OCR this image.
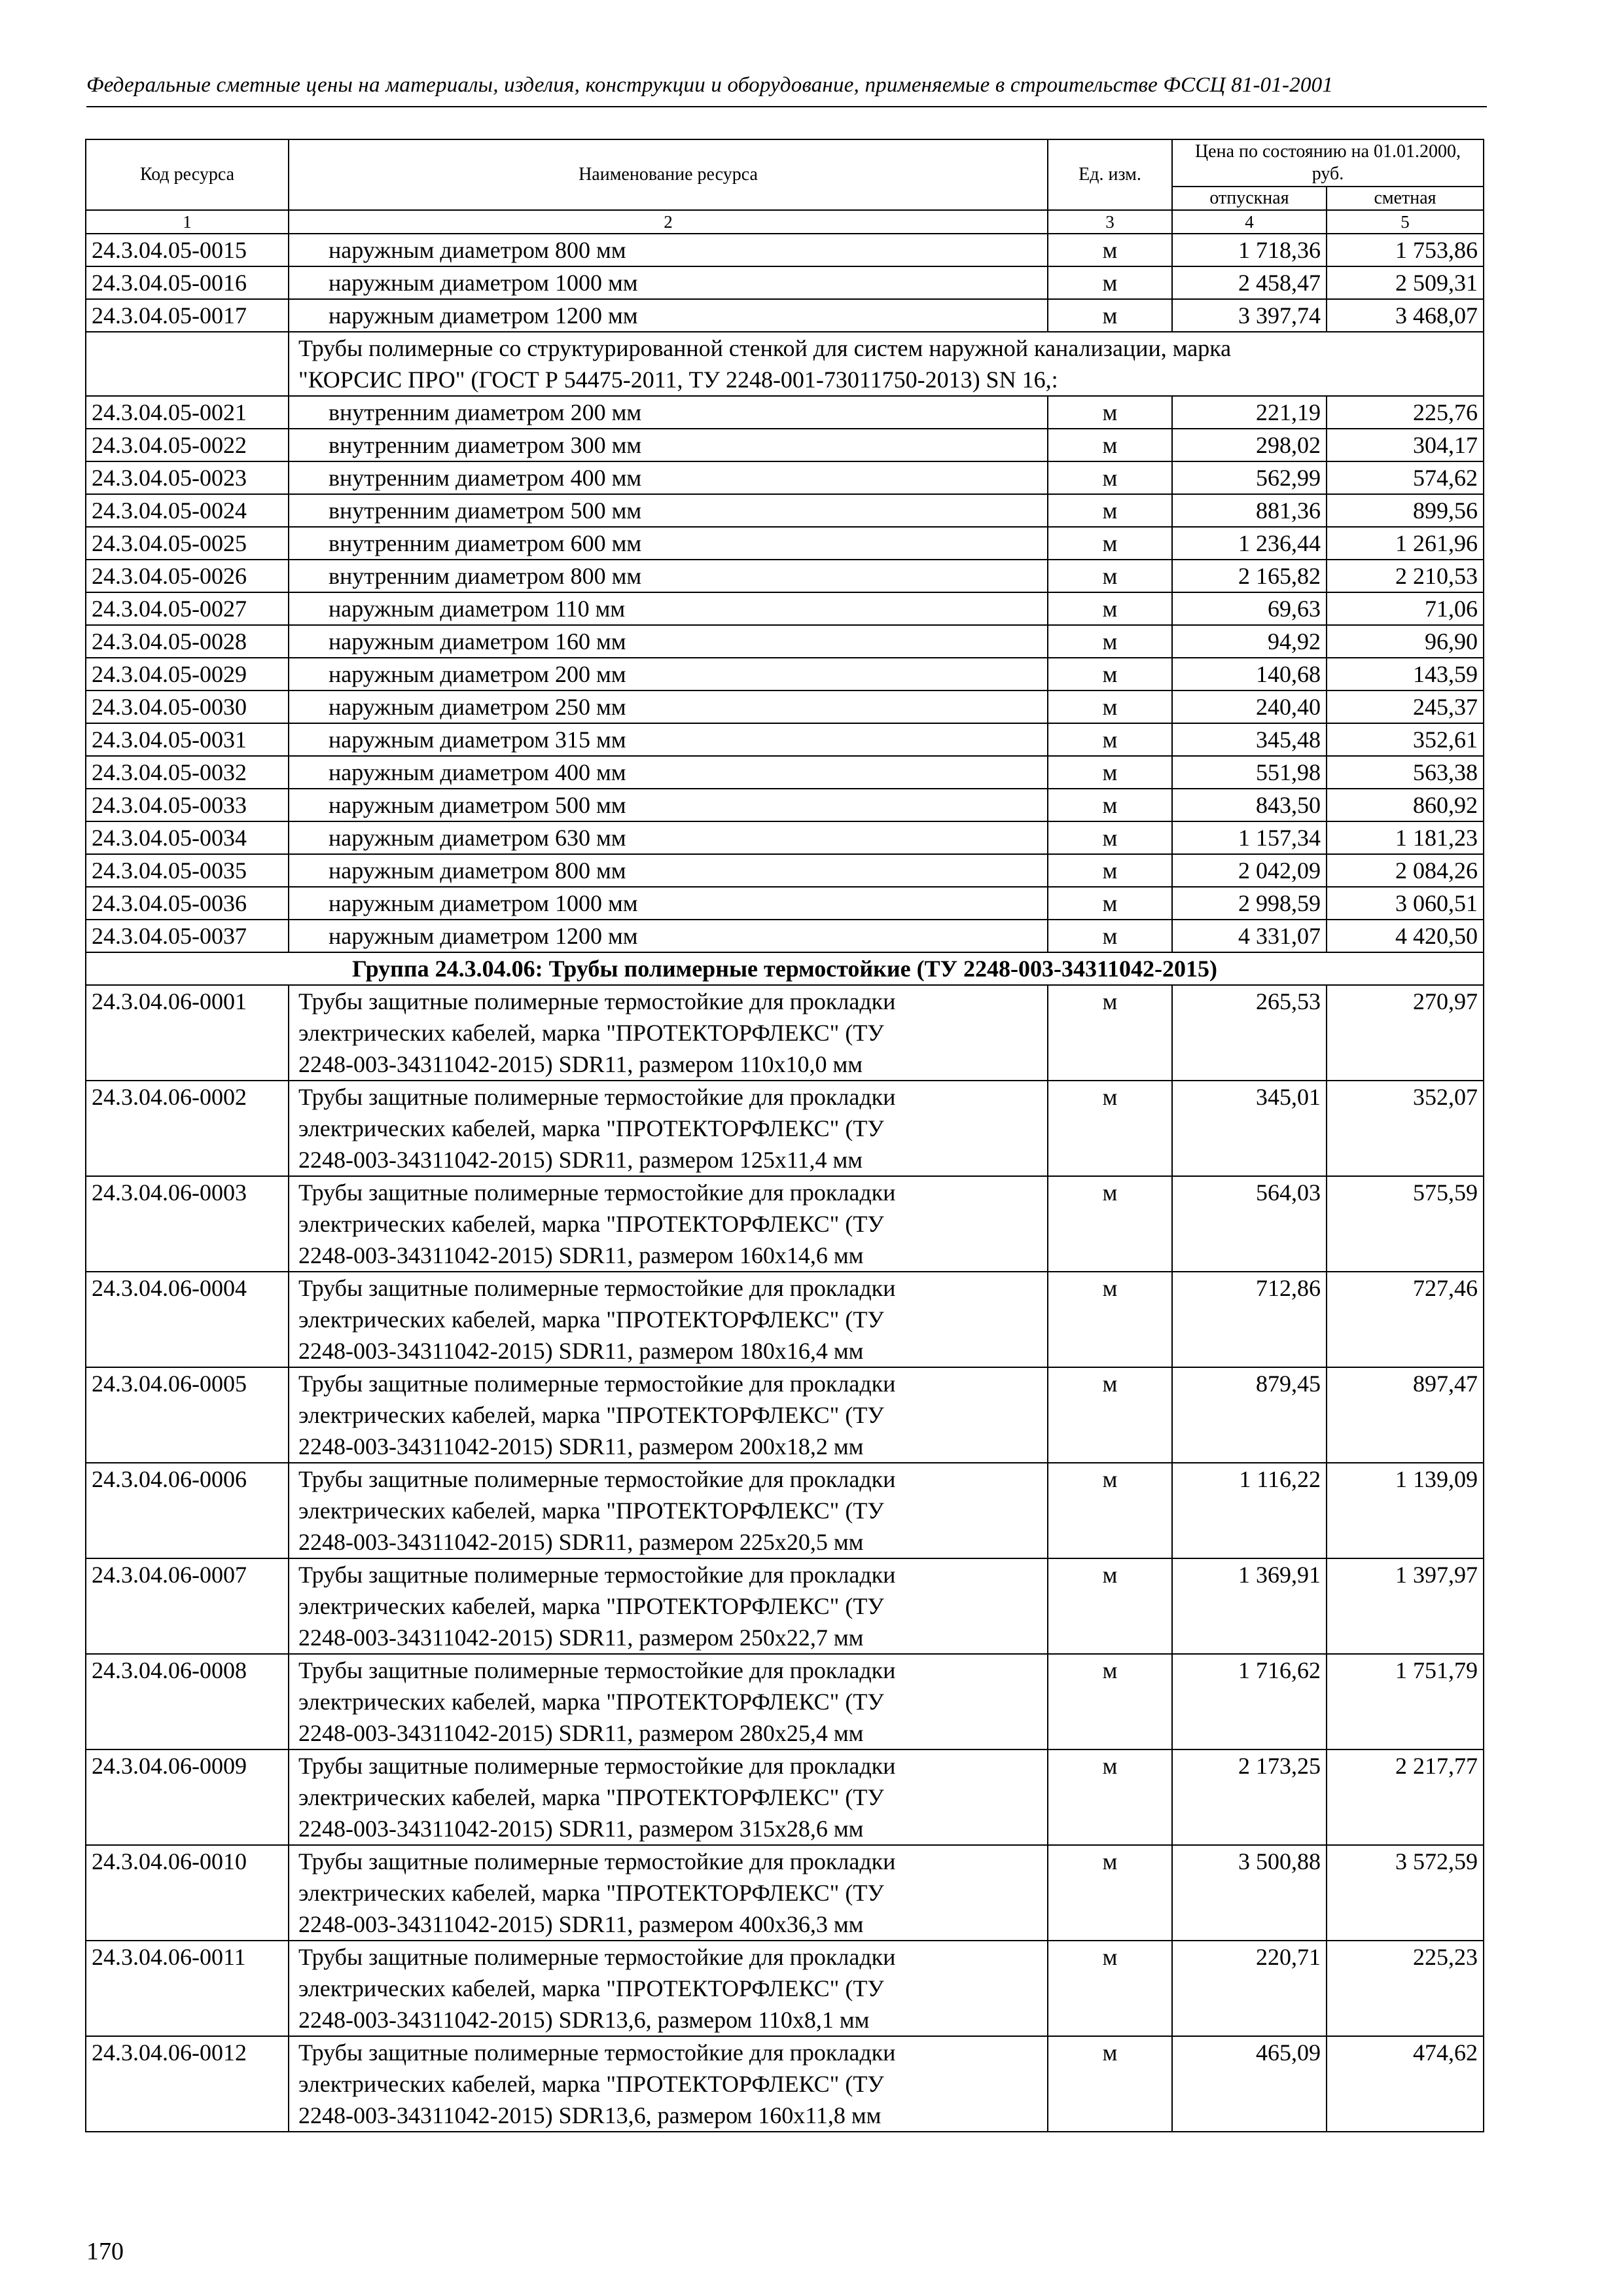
Федеральные сметные цены на материалы, изделия, конструкции и оборудование, применяемые в строительстве ФССЦ 81-01-2001
Код ресурса	Наименование ресурса	Ед. изм.	Цена по состоянию на 01.01.2000, руб.	
			отпускная	сметная
1	2	3	4	5
24.3.04.05-0015	наружным диаметром 800 мм	м	1 718,36	1 753,86
24.3.04.05-0016	наружным диаметром 1000 мм	м	2 458,47	2 509,31
24.3.04.05-0017	наружным диаметром 1200 мм	м	3 397,74	3 468,07
	Трубы полимерные со структурированной стенкой для систем наружной канализации, марка
"КОРСИС ПРО" (ГОСТ Р 54475-2011, ТУ 2248-001-73011750-2013) SN 16,:			
24.3.04.05-0021	внутренним диаметром 200 мм	м	221,19	225,76
24.3.04.05-0022	внутренним диаметром 300 мм	м	298,02	304,17
24.3.04.05-0023	внутренним диаметром 400 мм	м	562,99	574,62
24.3.04.05-0024	внутренним диаметром 500 мм	м	881,36	899,56
24.3.04.05-0025	внутренним диаметром 600 мм	м	1 236,44	1 261,96
24.3.04.05-0026	внутренним диаметром 800 мм	м	2 165,82	2 210,53
24.3.04.05-0027	наружным диаметром 110 мм	м	69,63	71,06
24.3.04.05-0028	наружным диаметром 160 мм	м	94,92	96,90
24.3.04.05-0029	наружным диаметром 200 мм	м	140,68	143,59
24.3.04.05-0030	наружным диаметром 250 мм	м	240,40	245,37
24.3.04.05-0031	наружным диаметром 315 мм	м	345,48	352,61
24.3.04.05-0032	наружным диаметром 400 мм	м	551,98	563,38
24.3.04.05-0033	наружным диаметром 500 мм	м	843,50	860,92
24.3.04.05-0034	наружным диаметром 630 мм	м	1 157,34	1 181,23
24.3.04.05-0035	наружным диаметром 800 мм	м	2 042,09	2 084,26
24.3.04.05-0036	наружным диаметром 1000 мм	м	2 998,59	3 060,51
24.3.04.05-0037	наружным диаметром 1200 мм	м	4 331,07	4 420,50
Группа 24.3.04.06: Трубы полимерные термостойкие (ТУ 2248-003-34311042-2015)				
24.3.04.06-0001	Трубы защитные полимерные термостойкие для прокладки
электрических кабелей, марка "ПРОТЕКТОРФЛЕКС" (ТУ
2248-003-34311042-2015) SDR11, размером 110х10,0 мм	м	265,53	270,97
24.3.04.06-0002	Трубы защитные полимерные термостойкие для прокладки
электрических кабелей, марка "ПРОТЕКТОРФЛЕКС" (ТУ
2248-003-34311042-2015) SDR11, размером 125х11,4 мм	м	345,01	352,07
24.3.04.06-0003	Трубы защитные полимерные термостойкие для прокладки
электрических кабелей, марка "ПРОТЕКТОРФЛЕКС" (ТУ
2248-003-34311042-2015) SDR11, размером 160х14,6 мм	м	564,03	575,59
24.3.04.06-0004	Трубы защитные полимерные термостойкие для прокладки
электрических кабелей, марка "ПРОТЕКТОРФЛЕКС" (ТУ
2248-003-34311042-2015) SDR11, размером 180х16,4 мм	м	712,86	727,46
24.3.04.06-0005	Трубы защитные полимерные термостойкие для прокладки
электрических кабелей, марка "ПРОТЕКТОРФЛЕКС" (ТУ
2248-003-34311042-2015) SDR11, размером 200х18,2 мм	м	879,45	897,47
24.3.04.06-0006	Трубы защитные полимерные термостойкие для прокладки
электрических кабелей, марка "ПРОТЕКТОРФЛЕКС" (ТУ
2248-003-34311042-2015) SDR11, размером 225х20,5 мм	м	1 116,22	1 139,09
24.3.04.06-0007	Трубы защитные полимерные термостойкие для прокладки
электрических кабелей, марка "ПРОТЕКТОРФЛЕКС" (ТУ
2248-003-34311042-2015) SDR11, размером 250х22,7 мм	м	1 369,91	1 397,97
24.3.04.06-0008	Трубы защитные полимерные термостойкие для прокладки
электрических кабелей, марка "ПРОТЕКТОРФЛЕКС" (ТУ
2248-003-34311042-2015) SDR11, размером 280х25,4 мм	м	1 716,62	1 751,79
24.3.04.06-0009	Трубы защитные полимерные термостойкие для прокладки
электрических кабелей, марка "ПРОТЕКТОРФЛЕКС" (ТУ
2248-003-34311042-2015) SDR11, размером 315х28,6 мм	м	2 173,25	2 217,77
24.3.04.06-0010	Трубы защитные полимерные термостойкие для прокладки
электрических кабелей, марка "ПРОТЕКТОРФЛЕКС" (ТУ
2248-003-34311042-2015) SDR11, размером 400х36,3 мм	м	3 500,88	3 572,59
24.3.04.06-0011	Трубы защитные полимерные термостойкие для прокладки
электрических кабелей, марка "ПРОТЕКТОРФЛЕКС" (ТУ
2248-003-34311042-2015) SDR13,6, размером 110х8,1 мм	м	220,71	225,23
24.3.04.06-0012	Трубы защитные полимерные термостойкие для прокладки
электрических кабелей, марка "ПРОТЕКТОРФЛЕКС" (ТУ
2248-003-34311042-2015) SDR13,6, размером 160х11,8 мм	м	465,09	474,62
170
